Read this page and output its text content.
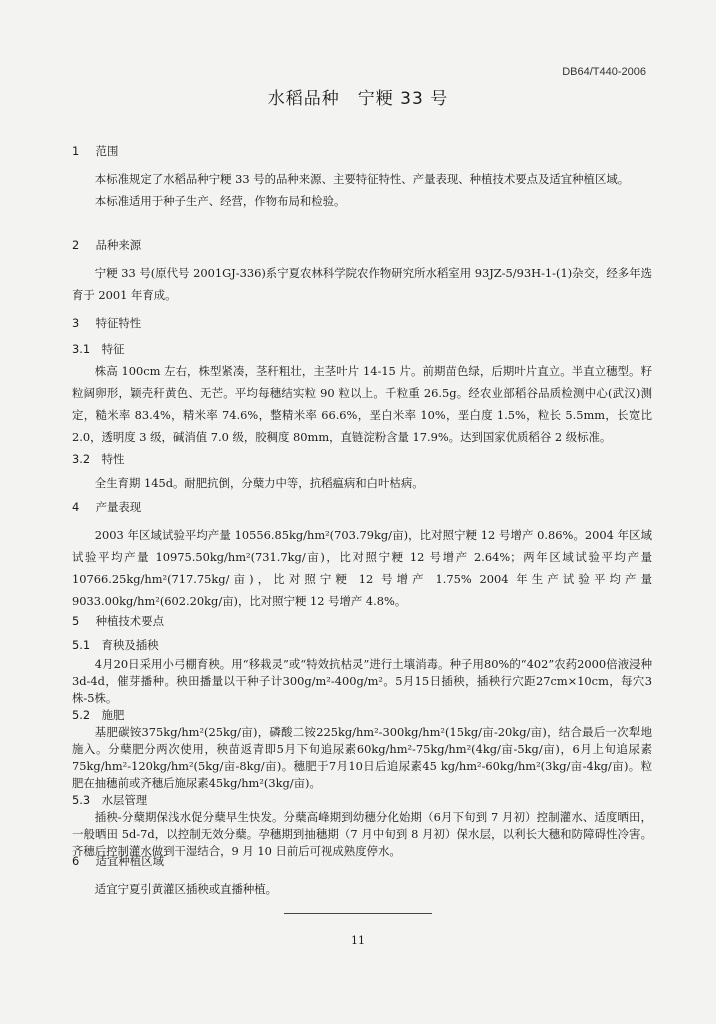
DB64/T440-2006
水稻品种　宁粳 33 号
1 范围
本标准规定了水稻品种宁粳 33 号的品种来源、主要特征特性、产量表现、种植技术要点及适宜种植区域。
本标准适用于种子生产、经营，作物布局和检验。
2 品种来源
宁粳 33 号(原代号 2001GJ-336)系宁夏农林科学院农作物研究所水稻室用 93JZ-5/93H-1-(1)杂交，经多年选育于 2001 年育成。
3 特征特性
3.1 特征
株高 100cm 左右，株型紧凑，茎秆粗壮，主茎叶片 14-15 片。前期苗色绿，后期叶片直立。半直立穗型。籽粒阔卵形，颖壳秆黄色、无芒。平均每穗结实粒 90 粒以上。千粒重 26.5g。经农业部稻谷品质检测中心(武汉)测定，糙米率 83.4%，精米率 74.6%，整精米率 66.6%，垩白米率 10%，垩白度 1.5%，粒长 5.5mm，长宽比 2.0，透明度 3 级，碱消值 7.0 级，胶稠度 80mm，直链淀粉含量 17.9%。达到国家优质稻谷 2 级标准。
3.2 特性
全生育期 145d。耐肥抗倒，分蘖力中等，抗稻瘟病和白叶枯病。
4 产量表现
2003 年区域试验平均产量 10556.85kg/hm²(703.79kg/亩)，比对照宁粳 12 号增产 0.86%。2004 年区域试验平均产量 10975.50kg/hm²(731.7kg/亩)，比对照宁粳 12 号增产 2.64%；两年区域试验平均产量 10766.25kg/hm²(717.75kg/亩)，比对照宁粳 12 号增产 1.75% 2004 年生产试验平均产量 9033.00kg/hm²(602.20kg/亩)，比对照宁粳 12 号增产 4.8%。
5 种植技术要点
5.1 育秧及插秧
4月20日采用小弓棚育秧。用“移栽灵”或“特效抗枯灵”进行土壤消毒。种子用80%的“402”农药2000倍液浸种3d-4d，催芽播种。秧田播量以干种子计300g/m²-400g/m²。5月15日插秧，插秧行穴距27cm×10cm，每穴3株-5株。
5.2 施肥
基肥碳铵375kg/hm²(25kg/亩)，磷酸二铵225kg/hm²-300kg/hm²(15kg/亩-20kg/亩)，结合最后一次犁地施入。分蘖肥分两次使用，秧苗返青即5月下旬追尿素60kg/hm²-75kg/hm²(4kg/亩-5kg/亩)，6月上旬追尿素75kg/hm²-120kg/hm²(5kg/亩-8kg/亩)。穗肥于7月10日后追尿素45 kg/hm²-60kg/hm²(3kg/亩-4kg/亩)。粒肥在抽穗前或齐穗后施尿素45kg/hm²(3kg/亩)。
5.3 水层管理
插秧-分蘖期保浅水促分蘖早生快发。分蘖高峰期到幼穗分化始期（6月下旬到 7 月初）控制灌水、适度晒田，一般晒田 5d-7d，以控制无效分蘖。孕穗期到抽穗期（7 月中旬到 8 月初）保水层，以利长大穗和防障碍性冷害。齐穗后控制灌水做到干湿结合，9 月 10 日前后可视成熟度停水。
6 适宜种植区域
适宜宁夏引黄灌区插秧或直播种植。
11
